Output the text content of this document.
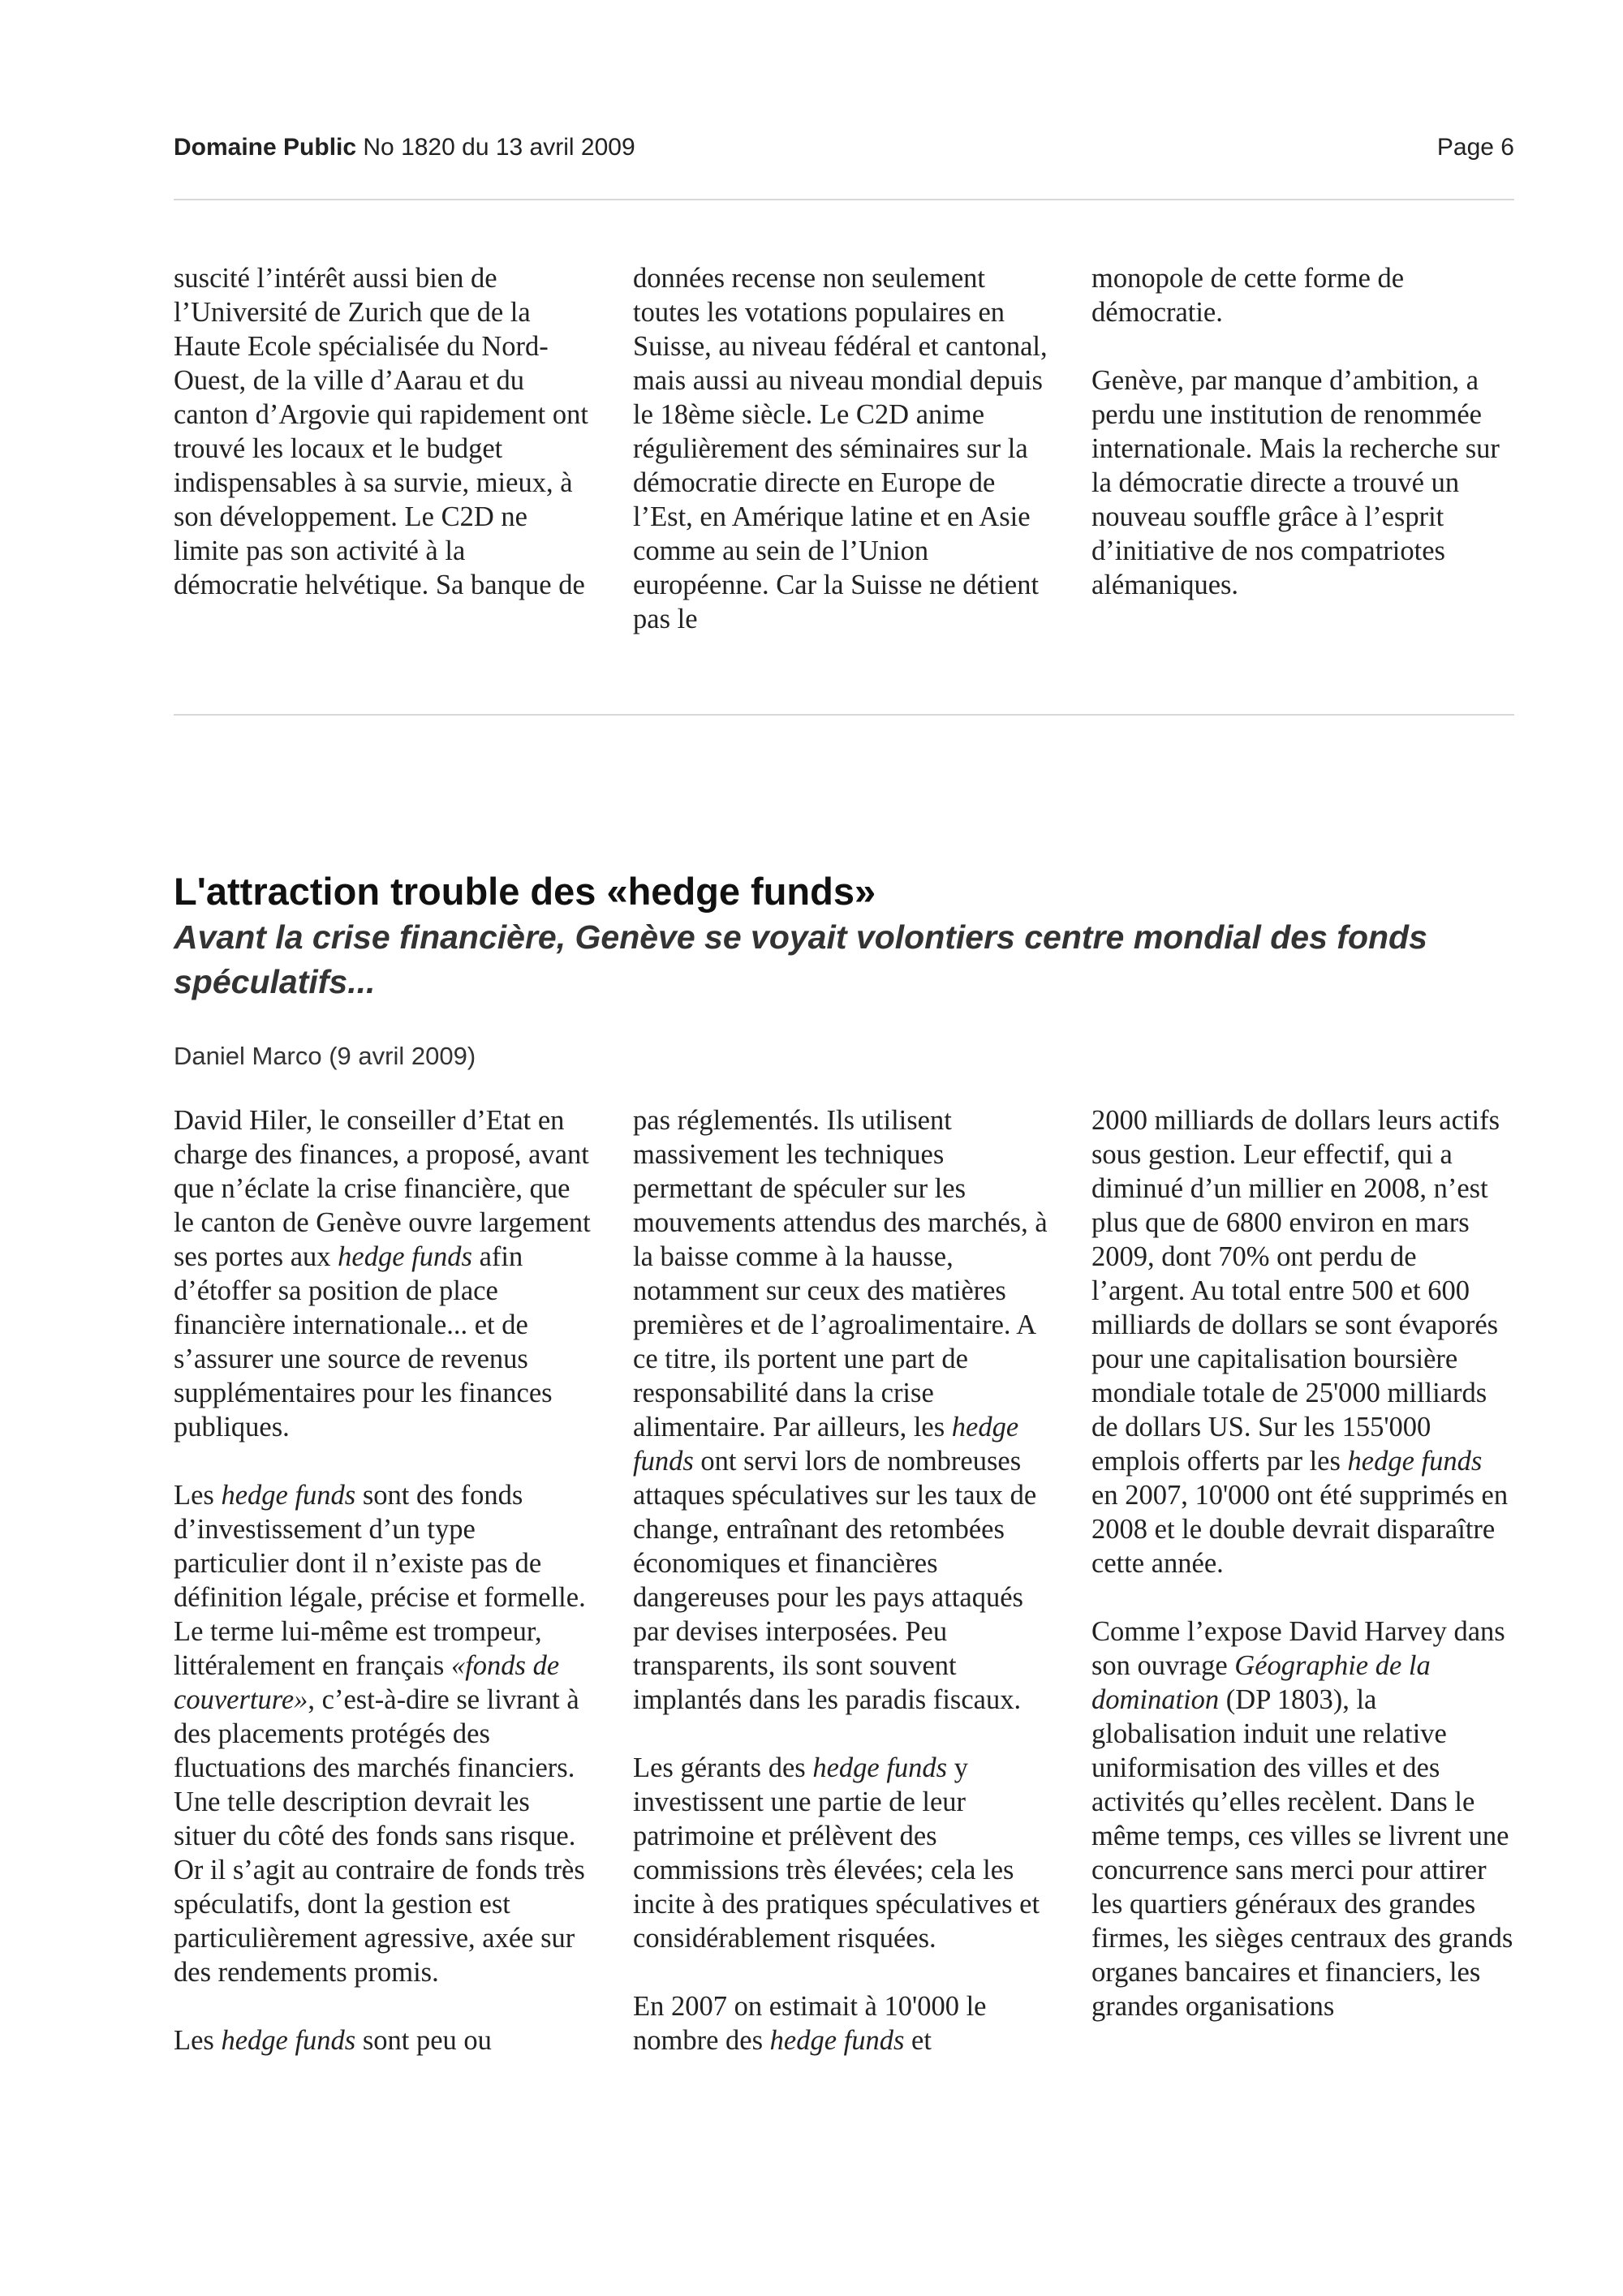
Domaine Public No 1820 du 13 avril 2009	Page 6

suscité l’intérêt aussi bien de l’Université de Zurich que de la Haute Ecole spécialisée du Nord-Ouest, de la ville d’Aarau et du canton d’Argovie qui rapidement ont trouvé les locaux et le budget indispensables à sa survie, mieux, à son développement. Le C2D ne limite pas son activité à la démocratie helvétique. Sa banque de

données recense non seulement toutes les votations populaires en Suisse, au niveau fédéral et cantonal, mais aussi au niveau mondial depuis le 18ème siècle. Le C2D anime régulièrement des séminaires sur la démocratie directe en Europe de l’Est, en Amérique latine et en Asie comme au sein de l’Union européenne. Car la Suisse ne détient pas le

monopole de cette forme de démocratie.

Genève, par manque d’ambition, a perdu une institution de renommée internationale. Mais la recherche sur la démocratie directe a trouvé un nouveau souffle grâce à l’esprit d’initiative de nos compatriotes alémaniques.

L'attraction trouble des «hedge funds»
Avant la crise financière, Genève se voyait volontiers centre mondial des fonds spéculatifs...
Daniel Marco (9 avril 2009)

David Hiler, le conseiller d’Etat en charge des finances, a proposé, avant que n’éclate la crise financière, que le canton de Genève ouvre largement ses portes aux hedge funds afin d’étoffer sa position de place financière internationale... et de s’assurer une source de revenus supplémentaires pour les finances publiques.

Les hedge funds sont des fonds d’investissement d’un type particulier dont il n’existe pas de définition légale, précise et formelle. Le terme lui-même est trompeur, littéralement en français «fonds de couverture», c’est-à-dire se livrant à des placements protégés des fluctuations des marchés financiers. Une telle description devrait les situer du côté des fonds sans risque. Or il s’agit au contraire de fonds très spéculatifs, dont la gestion est particulièrement agressive, axée sur des rendements promis.

Les hedge funds sont peu ou

pas réglementés. Ils utilisent massivement les techniques permettant de spéculer sur les mouvements attendus des marchés, à la baisse comme à la hausse, notamment sur ceux des matières premières et de l’agroalimentaire. A ce titre, ils portent une part de responsabilité dans la crise alimentaire. Par ailleurs, les hedge funds ont servi lors de nombreuses attaques spéculatives sur les taux de change, entraînant des retombées économiques et financières dangereuses pour les pays attaqués par devises interposées. Peu transparents, ils sont souvent implantés dans les paradis fiscaux.

Les gérants des hedge funds y investissent une partie de leur patrimoine et prélèvent des commissions très élevées; cela les incite à des pratiques spéculatives et considérablement risquées.

En 2007 on estimait à 10'000 le nombre des hedge funds et

2000 milliards de dollars leurs actifs sous gestion. Leur effectif, qui a diminué d’un millier en 2008, n’est plus que de 6800 environ en mars 2009, dont 70% ont perdu de l’argent. Au total entre 500 et 600 milliards de dollars se sont évaporés pour une capitalisation boursière mondiale totale de 25'000 milliards de dollars US. Sur les 155'000 emplois offerts par les hedge funds en 2007, 10'000 ont été supprimés en 2008 et le double devrait disparaître cette année.

Comme l’expose David Harvey dans son ouvrage Géographie de la domination (DP 1803), la globalisation induit une relative uniformisation des villes et des activités qu’elles recèlent. Dans le même temps, ces villes se livrent une concurrence sans merci pour attirer les quartiers généraux des grandes firmes, les sièges centraux des grands organes bancaires et financiers, les grandes organisations
